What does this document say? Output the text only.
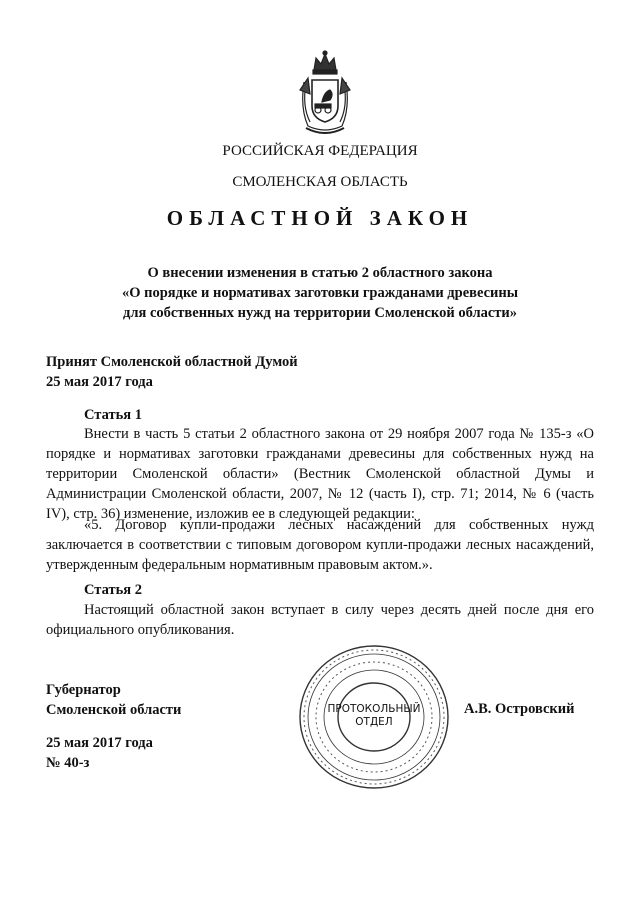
РОССИЙСКАЯ ФЕДЕРАЦИЯ
СМОЛЕНСКАЯ ОБЛАСТЬ
ОБЛАСТНОЙ ЗАКОН
О внесении изменения в статью 2 областного закона
«О порядке и нормативах заготовки гражданами древесины
для собственных нужд на территории Смоленской области»
Принят Смоленской областной Думой
25 мая 2017 года
Статья 1
Внести в часть 5 статьи 2 областного закона от 29 ноября 2007 года № 135-з «О порядке и нормативах заготовки гражданами древесины для собственных нужд на территории Смоленской области» (Вестник Смоленской областной Думы и Администрации Смоленской области, 2007, № 12 (часть I), стр. 71; 2014, № 6 (часть IV), стр. 36) изменение, изложив ее в следующей редакции:
«5. Договор купли-продажи лесных насаждений для собственных нужд заключается в соответствии с типовым договором купли-продажи лесных насаждений, утвержденным федеральным нормативным правовым актом.».
Статья 2
Настоящий областной закон вступает в силу через десять дней после дня его официального опубликования.
Губернатор
Смоленской области	ПРОТОКОЛЬНЫЙ
ОТДЕЛ
А.В. Островский
25 мая 2017 года
№ 40-з
